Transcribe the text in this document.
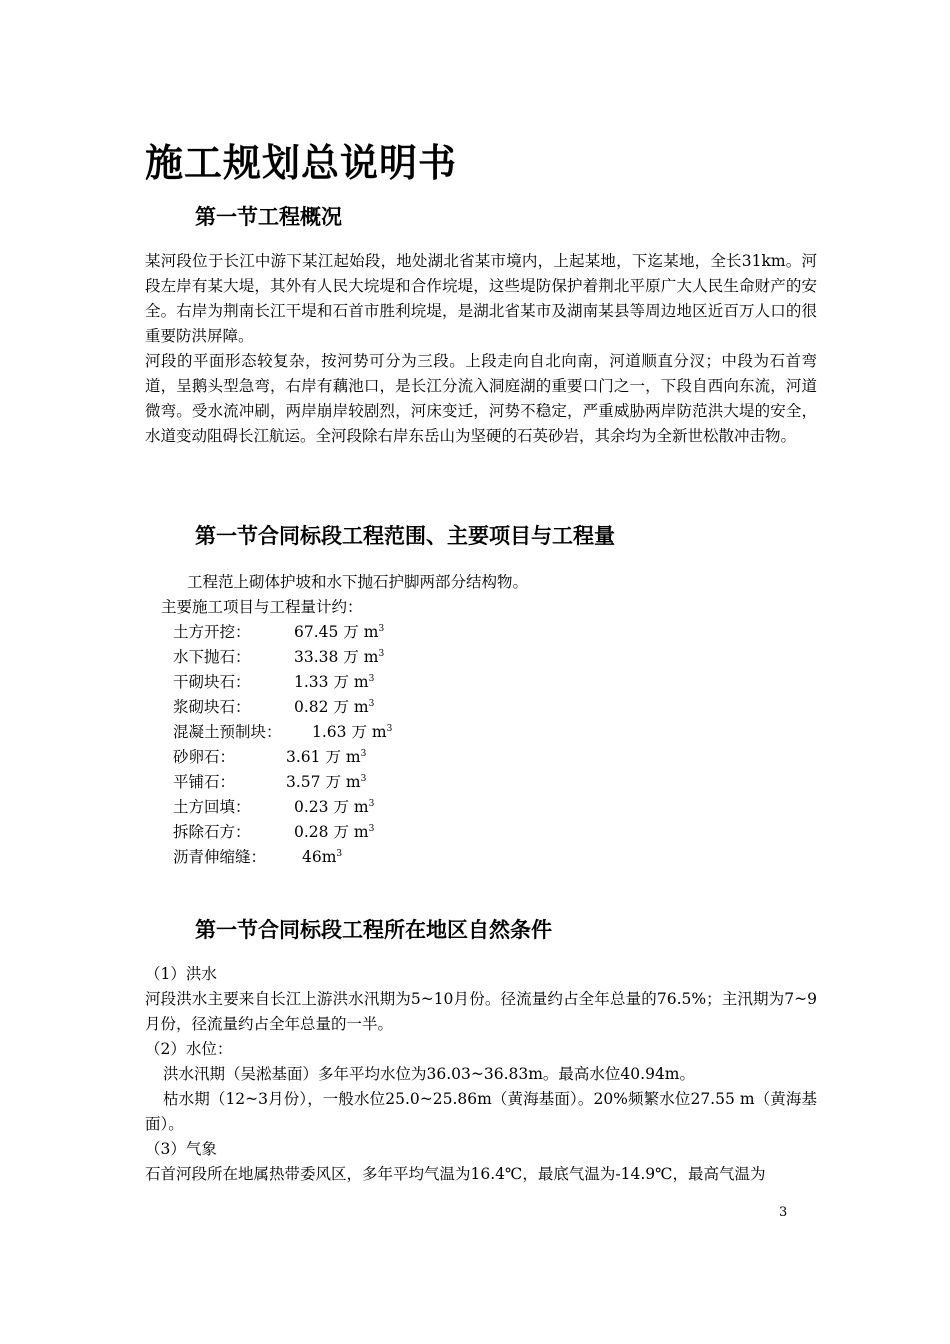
施工规划总说明书
第一节工程概况

某河段位于长江中游下某江起始段，地处湖北省某市境内，上起某地，下迄某地，全长31km。河段左岸有某大堤，其外有人民大垸堤和合作垸堤，这些堤防保护着荆北平原广大人民生命财产的安全。右岸为荆南长江干堤和石首市胜利垸堤，是湖北省某市及湖南某县等周边地区近百万人口的很重要防洪屏障。

河段的平面形态较复杂，按河势可分为三段。上段走向自北向南，河道顺直分汊；中段为石首弯道，呈鹅头型急弯，右岸有藕池口，是长江分流入洞庭湖的重要口门之一，下段自西向东流，河道微弯。受水流冲刷，两岸崩岸较剧烈，河床变迁，河势不稳定，严重威胁两岸防范洪大堤的安全，水道变动阻碍长江航运。全河段除右岸东岳山为坚硬的石英砂岩，其余均为全新世松散冲击物。

第一节合同标段工程范围、主要项目与工程量
工程范上砌体护坡和水下抛石护脚两部分结构物。
主要施工项目与工程量计约：
土方开挖：	67.45 万 $m^3$
水下抛石：	33.38 万 $m^3$
干砌块石：	1.33 万 $m^3$
浆砌块石：	0.82 万 $m^3$
混凝土预制块： 1.63 万 $m^3$
砂卵石：	3.61 万 $m^3$
平铺石：	3.57 万 $m^3$
土方回填：	0.23 万 $m^3$
拆除石方：	0.28 万 $m^3$
沥青伸缩缝： $46m^3$
第一节合同标段工程所在地区自然条件
（1）洪水

河段洪水主要来自长江上游洪水汛期为5~10月份。径流量约占全年总量的76.5%；主汛期为7~9月份，径流量约占全年总量的一半。

（2）水位：
洪水汛期（吴淞基面）多年平均水位为36.03~36.83m。最高水位40.94m。

枯水期（12~3月份），一般水位25.0~25.86m（黄海基面）。20%频繁水位27.55 m（黄海基面）。

（3）气象

石首河段所在地属热带委风区，多年平均气温为16.4℃，最底气温为-14.9℃，最高气温为

3
